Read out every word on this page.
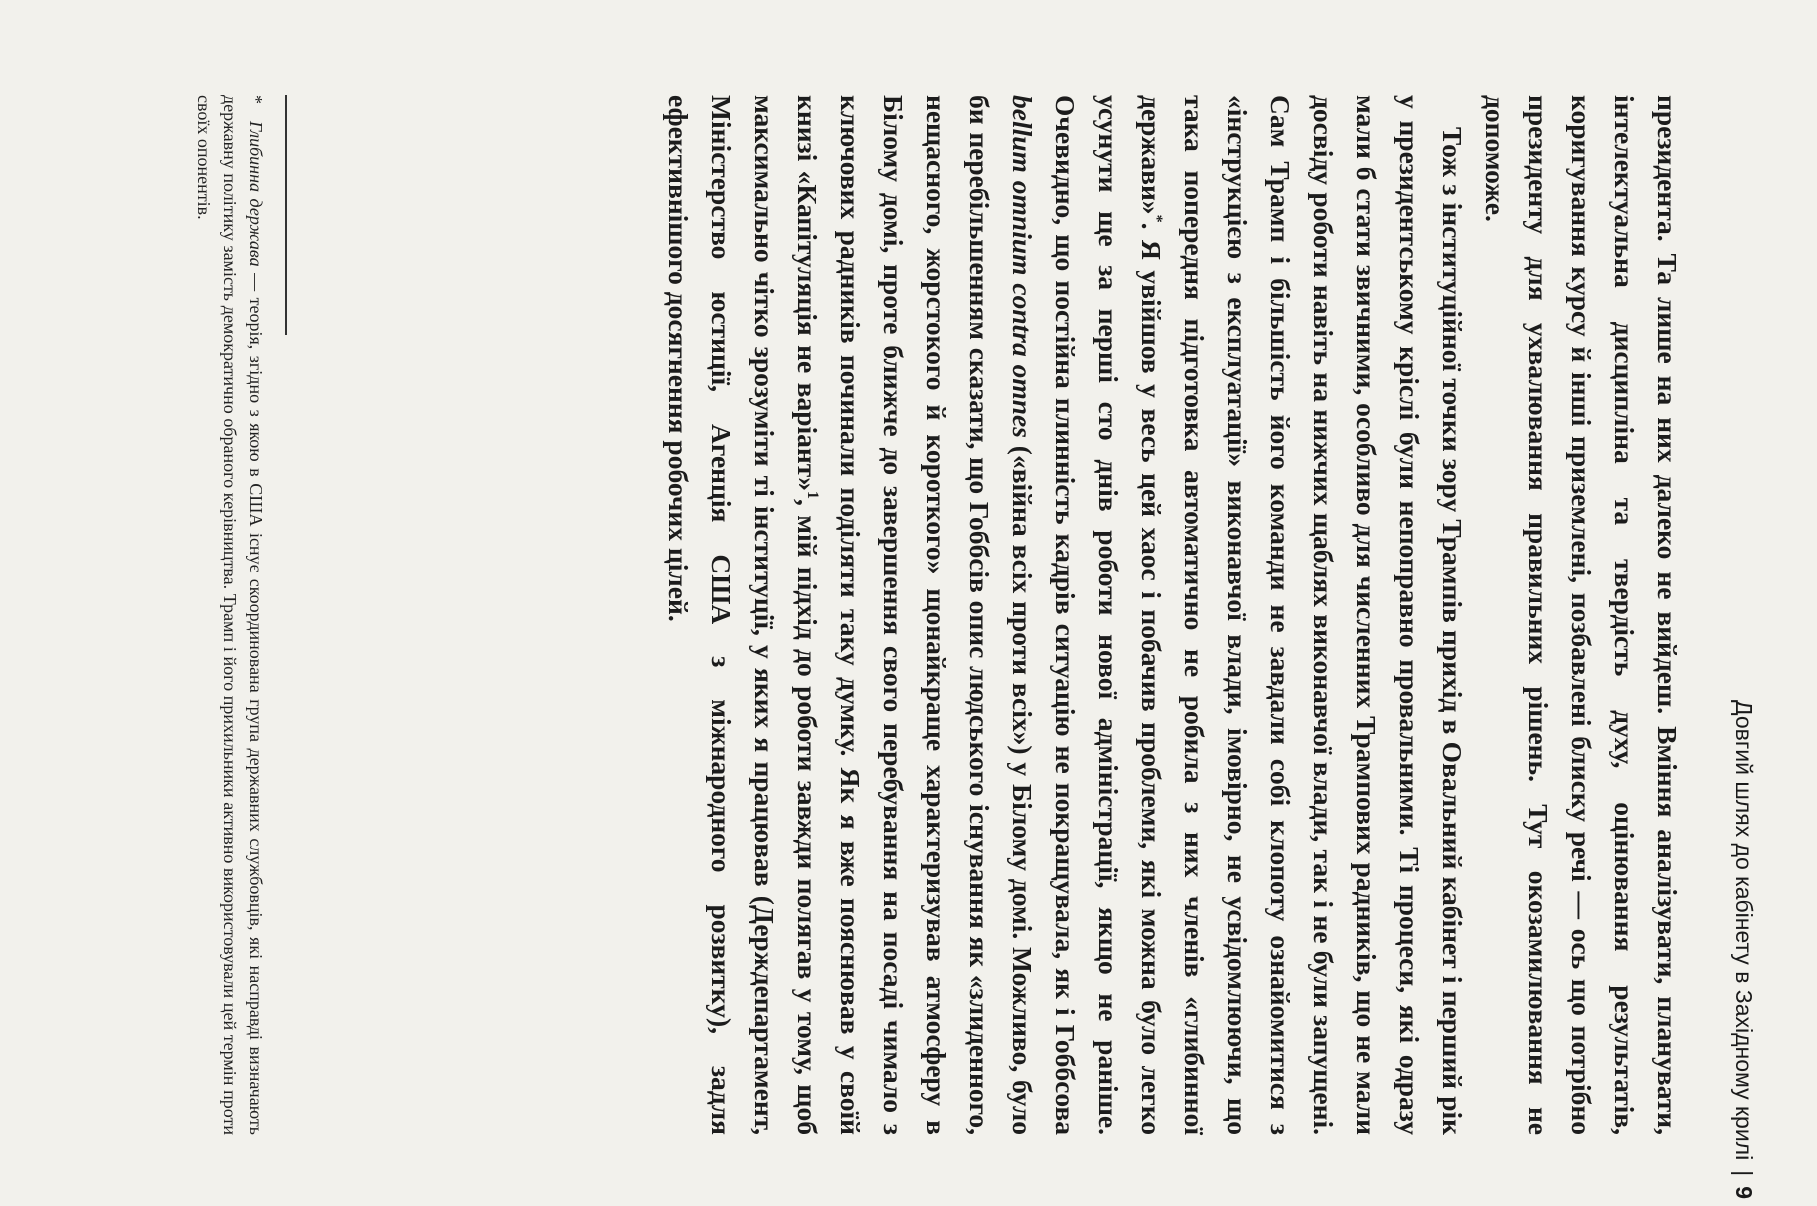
Довгий шлях до кабінету в Західному крилі|9

президента. Та лише на них далеко не вийдеш. Вміння аналізувати, планувати, інтелектуальна дисципліна та твердість духу, оцінювання результатів, коригування курсу й інші приземлені, позбавлені блиску речі — ось що потрібно президенту для ухвалювання правильних рішень. Тут окозамилювання не допоможе.

Тож з інституційної точки зору Трампів прихід в Овальний кабінет і перший рік у президентському кріслі були непоправно провальними. Ті процеси, які одразу мали б стати звичними, особливо для численних Трампових радників, що не мали досвіду роботи навіть на нижчих щаблях виконавчої влади, так і не були запущені. Сам Трамп і більшість його команди не завдали собі клопоту ознайомитися з «інструкцією з експлуатації» виконавчої влади, імовірно, не усвідомлюючи, що така попередня підготовка автоматично не робила з них членів «глибинної держави»*. Я увійшов у весь цей хаос і побачив проблеми, які можна було легко усунути ще за перші сто днів роботи нової адміністрації, якщо не раніше. Очевидно, що постійна плинність кадрів ситуацію не покращувала, як і Гоббсова bellum omnium contra omnes («війна всіх проти всіх») у Білому домі. Можливо, було би перебільшенням сказати, що Гоббсів опис людського існування як «злиденного, нещасного, жорстокого й короткого» щонайкраще характеризував атмосферу в Білому домі, проте ближче до завершення свого перебування на посаді чимало з ключових радників починали поділяти таку думку. Як я вже пояснював у своїй книзі «Капітуляція не варіант»$^1$, мій підхід до роботи завжди полягав у тому, щоб максимально чітко зрозуміти ті інституції, у яких я працював (Держдепартамент, Міністерство юстиції, Агенція США з міжнародного розвитку), задля ефективнішого досягнення робочих цілей.

*Глибинна держава — теорія, згідно з якою в США існує скоординована група державних службовців, які насправді визначають державну політику замість демократично обраного керівництва. Трамп і його прихильники активно використовували цей термін проти своїх опонентів.
